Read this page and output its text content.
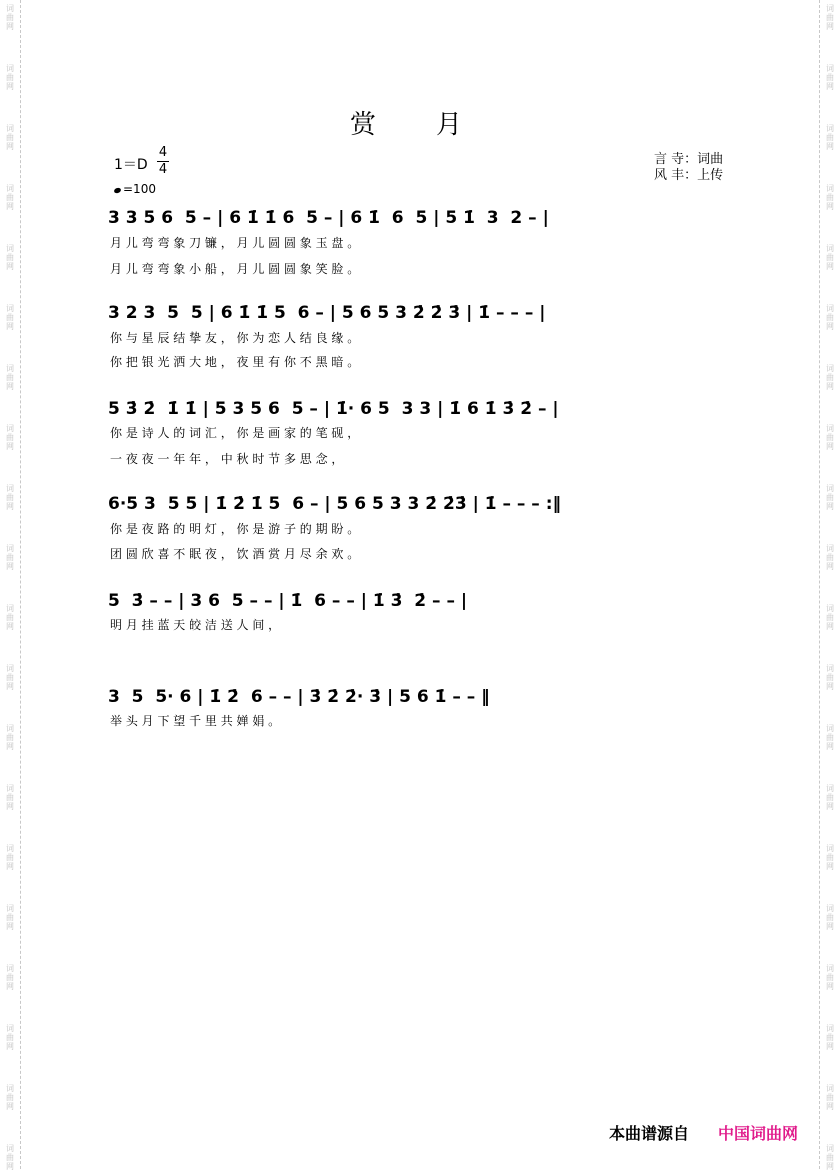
词
曲
网
词
曲
网
词
曲
网
词
曲
网
词
曲
网
词
曲
网
词
曲
网
词
曲
网
词
曲
网
词
曲
网
词
曲
网
词
曲
网
词
曲
网
词
曲
网
词
曲
网
词
曲
网
词
曲
网
词
曲
网
词
曲
网
词
曲
网
词
曲
网
词
曲
网
词
曲
网
词
曲
网
词
曲
网
词
曲
网
词
曲
网
词
曲
网
词
曲
网
词
曲
网
词
曲
网
词
曲
网
词
曲
网
词
曲
网
词
曲
网
词
曲
网
词
曲
网
词
曲
网
词
曲
网
词
曲
网
赏 月
1＝D
4
4
=100
言 寺：词曲
风 丰：上传

3 3 5 6  5 – | 6 1̇ 1̇ 6  5 – | 6 1̇  6  5 | 5 1̇  3  2 – |

月 儿 弯 弯 象 刀 镰 ， 月 儿 圆 圆 象 玉 盘 。
月 儿 弯 弯 象 小 船 ， 月 儿 圆 圆 象 笑 脸 。

3 2 3  5  5 | 6 1̇ 1̇ 5  6 – | 5 6 5 3 2̇ 2̇ 3̇ | 1̇ – – – |

你 与 星 辰 结 挚 友 ， 你 为 恋 人 结 良 缘 。
你 把 银 光 洒 大 地 ， 夜 里 有 你 不 黑 暗 。

5 3̇ 2̇  1̇ 1̇ | 5 3 5 6  5 – | 1̇· 6 5  3 3 | 1̇ 6 1̇ 3̇ 2̇ – |

你 是 诗 人 的 词 汇 ， 你 是 画 家 的 笔 砚 ，
一 夜 夜 一 年 年 ， 中 秋 时 节 多 思 念 ，

6·5 3  5 5 | 1̇ 2̇ 1̇ 5  6 – | 5 6 5 3 3 2̇ 2̇3̇ | 1̇ – – – :‖

你 是 夜 路 的 明 灯 ， 你 是 游 子 的 期 盼 。
团 圆 欣 喜 不 眠 夜 ， 饮 酒 赏 月 尽 余 欢 。

5  3̇ – – | 3 6  5 – – | 1̇  6 – – | 1̇ 3̇  2̇ – – |

明 月 挂 蓝 天 皎 洁 送 人 间 ，

3  5  5· 6 | 1̇ 2̇  6 – – | 3̇ 2̇ 2̇· 3̇ | 5 6 1̇ – – ‖

举 头 月 下 望 千 里 共 婵 娟 。
本曲谱源自 中国词曲网
